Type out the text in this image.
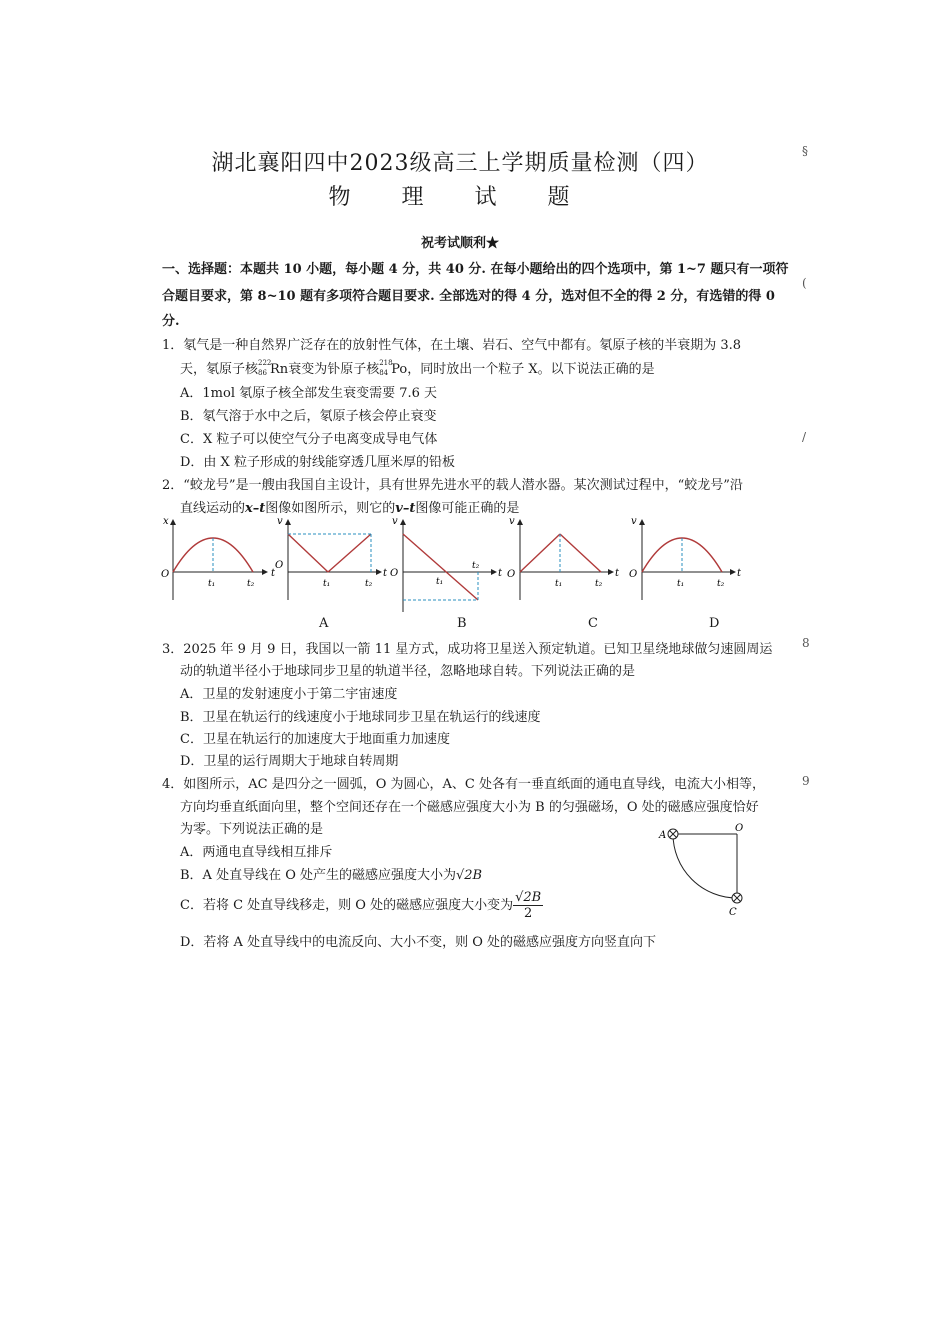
湖北襄阳四中2023级高三上学期质量检测（四）
物 理 试 题
祝考试顺利★
一、选择题：本题共 10 小题，每小题 4 分，共 40 分. 在每小题给出的四个选项中，第 1~7 题只有一项符
合题目要求，第 8~10 题有多项符合题目要求. 全部选对的得 4 分，选对但不全的得 2 分，有选错的得 0
分.
1．氡气是一种自然界广泛存在的放射性气体，在土壤、岩石、空气中都有。氡原子核的半衰期为 3.8
天，氡原子核 222
86 Rn衰变为钋原子核 218
84 Po，同时放出一个粒子 X。以下说法正确的是
A．1mol 氡原子核全部发生衰变需要 7.6 天
B．氡气溶于水中之后，氡原子核会停止衰变
C．X 粒子可以使空气分子电离变成导电气体
D．由 X 粒子形成的射线能穿透几厘米厚的铅板
2．“蛟龙号”是一艘由我国自主设计，具有世界先进水平的载人潜水器。某次测试过程中，“蛟龙号”沿
直线运动的x–t图像如图所示，则它的v–t图像可能正确的是
x
O	t
t₁	t₂
v
O
t
t₁	t₂
v
O	t
t₁
t₂
v
O	t
t₁	t₂
v
O	t
t₁	t₂
A	B	C	D
3．2025 年 9 月 9 日，我国以一箭 11 星方式，成功将卫星送入预定轨道。已知卫星绕地球做匀速圆周运
动的轨道半径小于地球同步卫星的轨道半径，忽略地球自转。下列说法正确的是
A．卫星的发射速度小于第二宇宙速度
B．卫星在轨运行的线速度小于地球同步卫星在轨运行的线速度
C．卫星在轨运行的加速度大于地面重力加速度
D．卫星的运行周期大于地球自转周期
4．如图所示，AC 是四分之一圆弧，O 为圆心，A、C 处各有一垂直纸面的通电直导线，电流大小相等，
方向均垂直纸面向里，整个空间还存在一个磁感应强度大小为 B 的匀强磁场，O 处的磁感应强度恰好
为零。下列说法正确的是
A．两通电直导线相互排斥
B．A 处直导线在 O 处产生的磁感应强度大小为√2B
C．若将 C 处直导线移走，则 O 处的磁感应强度大小变为 $\frac{√2B}{2}$
D．若将 A 处直导线中的电流反向、大小不变，则 O 处的磁感应强度方向竖直向下
A
O
C
§
(
/
8
9
